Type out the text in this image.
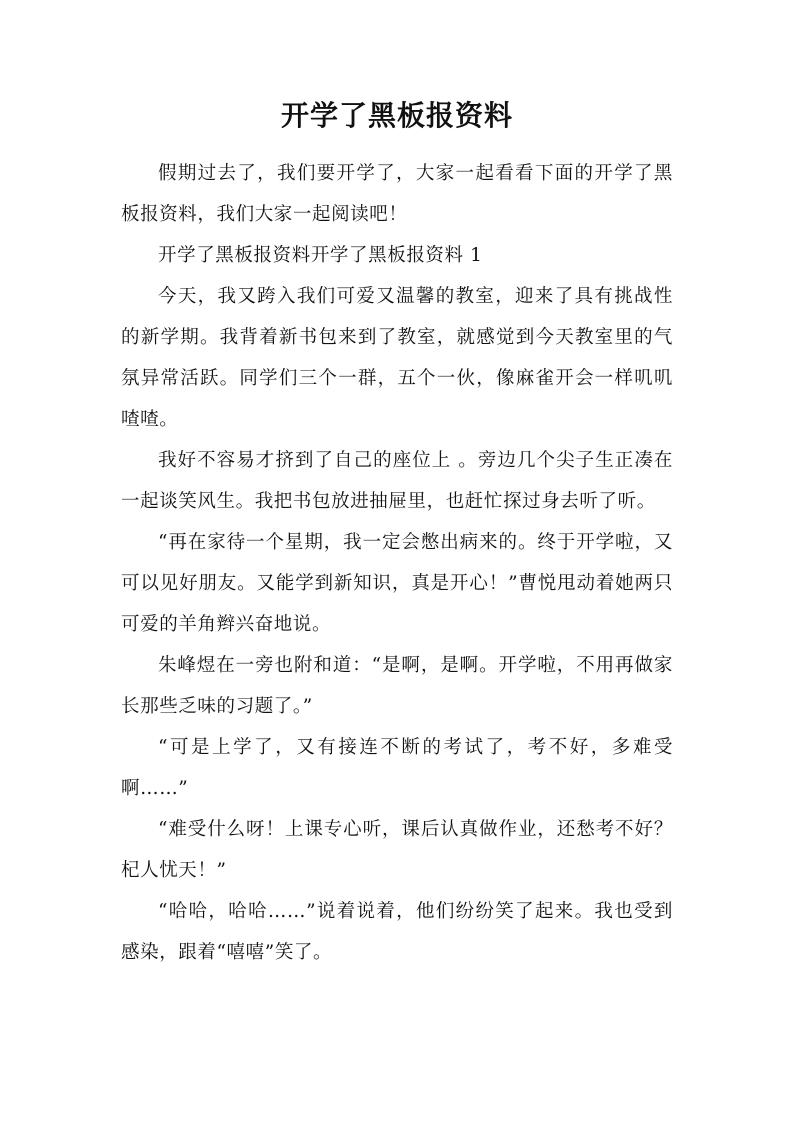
开学了黑板报资料

假期过去了，我们要开学了，大家一起看看下面的开学了黑板报资料，我们大家一起阅读吧！

开学了黑板报资料开学了黑板报资料 1

今天，我又跨入我们可爱又温馨的教室，迎来了具有挑战性的新学期。我背着新书包来到了教室，就感觉到今天教室里的气氛异常活跃。同学们三个一群，五个一伙，像麻雀开会一样叽叽喳喳。

我好不容易才挤到了自己的座位上 。旁边几个尖子生正凑在一起谈笑风生。我把书包放进抽屉里，也赶忙探过身去听了听。

“再在家待一个星期，我一定会憋出病来的。终于开学啦，又可以见好朋友。又能学到新知识，真是开心！”曹悦甩动着她两只可爱的羊角辫兴奋地说。

朱峰煜在一旁也附和道：“是啊，是啊。开学啦，不用再做家长那些乏味的习题了。”

“可是上学了，又有接连不断的考试了，考不好，多难受啊……”

“难受什么呀！上课专心听，课后认真做作业，还愁考不好？杞人忧天！”

“哈哈，哈哈……”说着说着，他们纷纷笑了起来。我也受到感染，跟着“嘻嘻”笑了。
